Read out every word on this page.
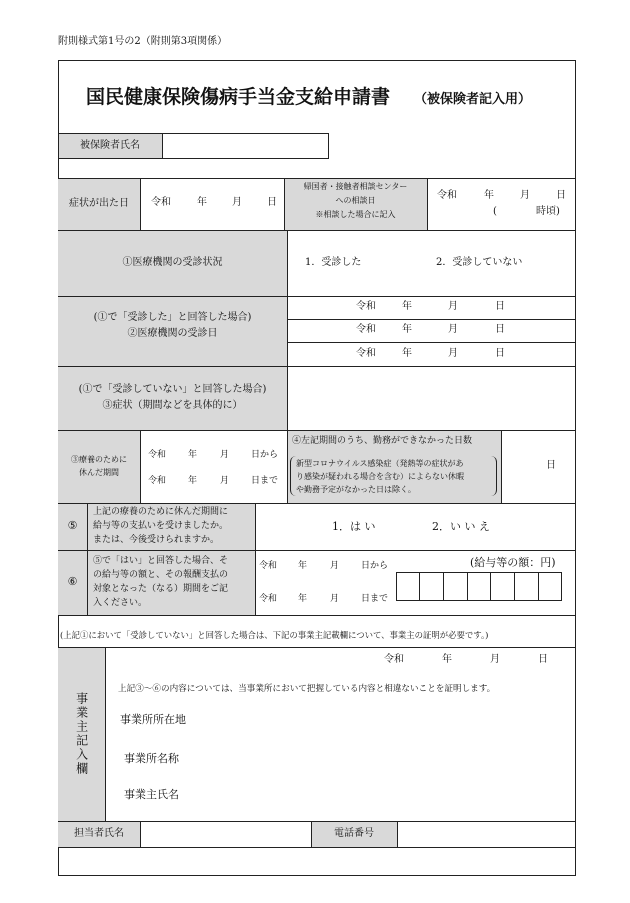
附則様式第1号の2（附則第3項関係）
国民健康保険傷病手当金支給申請書 （被保険者記入用）
被保険者氏名
症状が出た日	令和	年	月	日
帰国者・接触者相談センター
への相談日
※相談した場合に記入
令和	年	月	日
(	時頃)
①医療機関の受診状況	1．受診した	2．受診していない
(①で「受診した」と回答した場合)
②医療機関の受診日
令和	年	月	日
令和	年	月	日
令和	年	月	日
(①で「受診していない」と回答した場合)
③症状（期間などを具体的に）
③療養のために
休んだ期間
令和 年	月 日から
令和 年	月 日まで
④左記期間のうち、勤務ができなかった日数
新型コロナウイルス感染症（発熱等の症状があ
り感染が疑われる場合を含む）によらない休暇
や勤務予定がなかった日は除く。
日
⑤
上記の療養のために休んだ期間に
給与等の支払いを受けましたか。
または、今後受けられますか。
1．は い	2．い い え
⑥
⑤で「はい」と回答した場合、そ
の給与等の額と、その報酬支払の
対象となった（なる）期間をご記
入ください。
令和 年	月 日から
令和 年	月 日まで
(給与等の額：円)
(上記①において「受診していない」と回答した場合は、下記の事業主記載欄について、事業主の証明が必要です。)
事業主記入欄
令和	年	月	日
上記③～⑥の内容については、当事業所において把握している内容と相違ないことを証明します。
事業所所在地
事業所名称
事業主氏名
担当者氏名	電話番号
